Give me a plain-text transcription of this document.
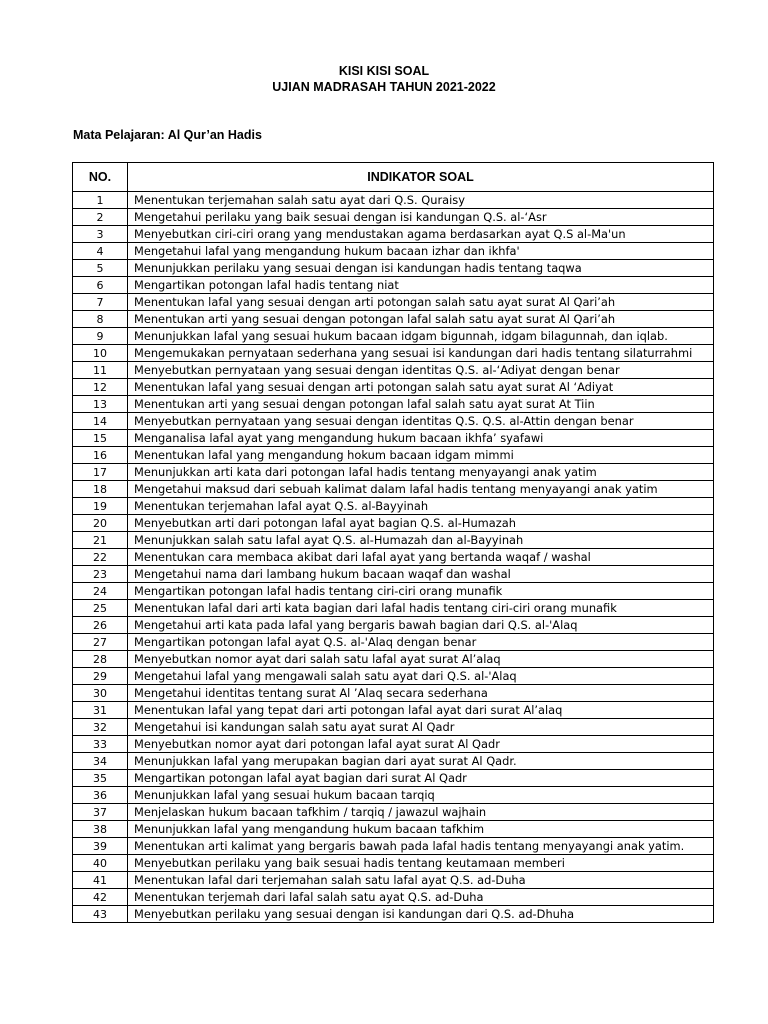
KISI KISI SOAL
UJIAN MADRASAH TAHUN 2021-2022
Mata Pelajaran: Al Qur’an Hadis
NO.	INDIKATOR SOAL
1	Menentukan terjemahan salah satu ayat dari Q.S. Quraisy
2	Mengetahui perilaku yang baik sesuai dengan isi kandungan Q.S. al-‘Asr
3	Menyebutkan ciri-ciri orang yang mendustakan agama berdasarkan ayat Q.S al-Ma'un
4	Mengetahui lafal yang mengandung hukum bacaan izhar dan ikhfa'
5	Menunjukkan perilaku yang sesuai dengan isi kandungan hadis tentang taqwa
6	Mengartikan potongan lafal hadis tentang niat
7	Menentukan lafal yang sesuai dengan arti potongan salah satu ayat surat Al Qari’ah
8	Menentukan arti yang sesuai dengan potongan lafal salah satu ayat surat Al Qari’ah
9	Menunjukkan lafal yang sesuai hukum bacaan idgam bigunnah, idgam bilagunnah, dan iqlab.
10	Mengemukakan pernyataan sederhana yang sesuai isi kandungan dari hadis tentang silaturrahmi
11	Menyebutkan pernyataan yang sesuai dengan identitas Q.S. al-‘Adiyat dengan benar
12	Menentukan lafal yang sesuai dengan arti potongan salah satu ayat surat Al ‘Adiyat
13	Menentukan arti yang sesuai dengan potongan lafal salah satu ayat surat At Tiin
14	Menyebutkan pernyataan yang sesuai dengan identitas Q.S. Q.S. al-Attin dengan benar
15	Menganalisa lafal ayat yang mengandung hukum bacaan ikhfa’ syafawi
16	Menentukan lafal yang mengandung hokum bacaan idgam mimmi
17	Menunjukkan arti kata dari potongan lafal hadis tentang menyayangi anak yatim
18	Mengetahui maksud dari sebuah kalimat dalam lafal hadis tentang menyayangi anak yatim
19	Menentukan terjemahan lafal ayat Q.S. al-Bayyinah
20	Menyebutkan arti dari potongan lafal ayat bagian Q.S. al-Humazah
21	Menunjukkan salah satu lafal ayat Q.S. al-Humazah dan al-Bayyinah
22	Menentukan cara membaca akibat dari lafal ayat yang bertanda waqaf / washal
23	Mengetahui nama dari lambang hukum bacaan waqaf dan washal
24	Mengartikan potongan lafal hadis tentang ciri-ciri orang munafik
25	Menentukan lafal dari arti kata bagian dari lafal hadis tentang ciri-ciri orang munafik
26	Mengetahui arti kata pada lafal yang bergaris bawah bagian dari Q.S. al-'Alaq
27	Mengartikan potongan lafal ayat Q.S. al-'Alaq dengan benar
28	Menyebutkan nomor ayat dari salah satu lafal ayat surat Al’alaq
29	Mengetahui lafal yang mengawali salah satu ayat dari Q.S. al-'Alaq
30	Mengetahui identitas tentang surat Al ’Alaq secara sederhana
31	Menentukan lafal yang tepat dari arti potongan lafal ayat dari surat Al’alaq
32	Mengetahui isi kandungan salah satu ayat surat Al Qadr
33	Menyebutkan nomor ayat dari potongan lafal ayat surat Al Qadr
34	Menunjukkan lafal yang merupakan bagian dari ayat surat Al Qadr.
35	Mengartikan potongan lafal ayat bagian dari surat Al Qadr
36	Menunjukkan lafal yang sesuai hukum bacaan tarqiq
37	Menjelaskan hukum bacaan tafkhim / tarqiq / jawazul wajhain
38	Menunjukkan lafal yang mengandung hukum bacaan tafkhim
39	Menentukan arti kalimat yang bergaris bawah pada lafal hadis tentang menyayangi anak yatim.
40	Menyebutkan perilaku yang baik sesuai hadis tentang keutamaan memberi
41	Menentukan lafal dari terjemahan salah satu lafal ayat Q.S. ad-Duha
42	Menentukan terjemah dari lafal salah satu ayat Q.S. ad-Duha
43	Menyebutkan perilaku yang sesuai dengan isi kandungan dari Q.S. ad-Dhuha
